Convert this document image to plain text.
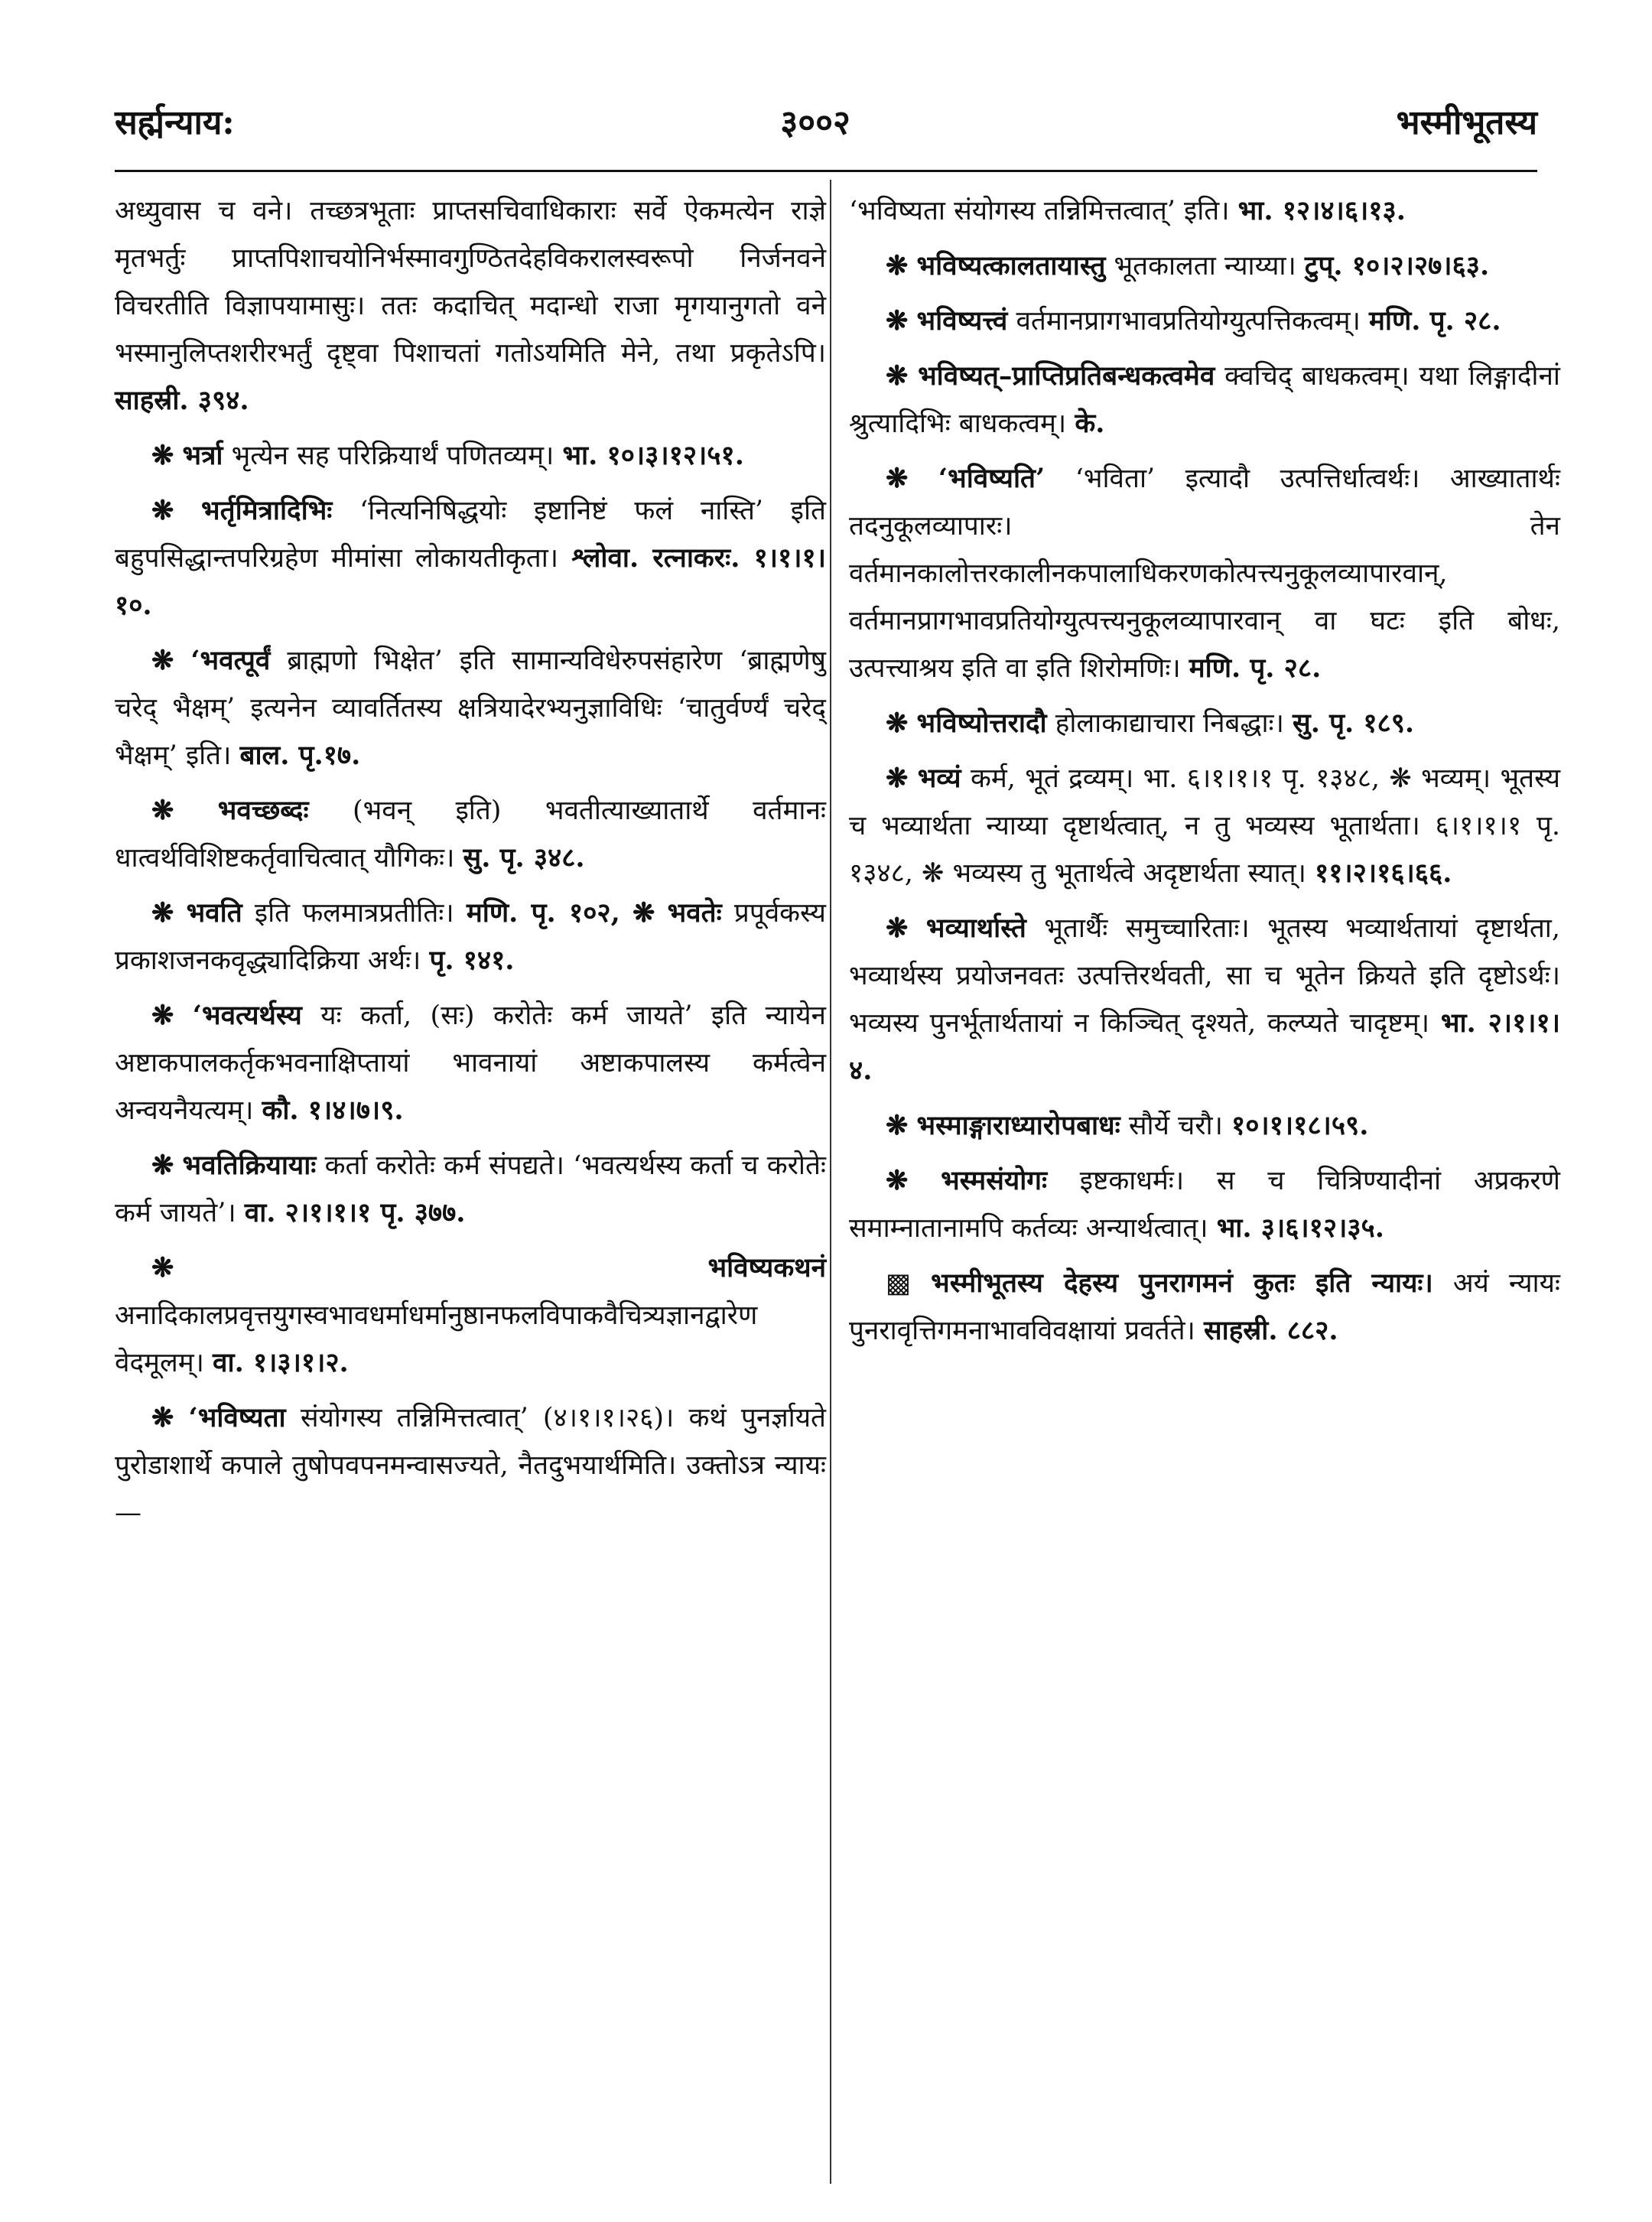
सर्ह्मन्याय:	३००२	भस्मीभूतस्य

अध्युवास च वने। तच्छत्रभूताः प्राप्तसचिवाधिकाराः सर्वे ऐकमत्येन राज्ञे मृतभर्तुः प्राप्तपिशाचयोनिर्भस्मावगुण्ठितदेहविकरालस्वरूपो निर्जनवने विचरतीति विज्ञापयामासुः। ततः कदाचित् मदान्धो राजा मृगयानुगतो वने भस्मानुलिप्तशरीरभर्तुं दृष्ट्वा पिशाचतां गतोऽयमिति मेने, तथा प्रकृतेऽपि। साहस्री. ३९४.

❋ भर्त्रा भृत्येन सह परिक्रियार्थं पणितव्यम्। भा. १०।३।१२।५१.

❋ भर्तृमित्रादिभिः ‘नित्यनिषिद्धयोः इष्टानिष्टं फलं नास्ति’ इति बहुपसिद्धान्तपरिग्रहेण मीमांसा लोकायतीकृता। श्लोवा. रत्नाकरः. १।१।१।१०.

❋ ‘भवत्पूर्वं ब्राह्मणो भिक्षेत’ इति सामान्यविधेरुपसंहारेण ‘ब्राह्मणेषु चरेद् भैक्षम्’ इत्यनेन व्यावर्तितस्य क्षत्रियादेरभ्यनुज्ञाविधिः ‘चातुर्वर्ण्यं चरेद् भैक्षम्’ इति। बाल. पृ.१७.

❋ भवच्छब्दः (भवन् इति) भवतीत्याख्यातार्थे वर्तमानः धात्वर्थविशिष्टकर्तृवाचित्वात् यौगिकः। सु. पृ. ३४८.

❋ भवति इति फलमात्रप्रतीतिः। मणि. पृ. १०२, ❋ भवतेः प्रपूर्वकस्य प्रकाशजनकवृद्ध्यादिक्रिया अर्थः। पृ. १४१.

❋ ‘भवत्यर्थस्य यः कर्ता, (सः) करोतेः कर्म जायते’ इति न्यायेन अष्टाकपालकर्तृकभवनाक्षिप्तायां भावनायां अष्टाकपालस्य कर्मत्वेन अन्वयनैयत्यम्। कौ. १।४।७।९.

❋ भवतिक्रियायाः कर्ता करोतेः कर्म संपद्यते। ‘भवत्यर्थस्य कर्ता च करोतेः कर्म जायते’। वा. २।१।१।१ पृ. ३७७.

❋	भविष्यकथनं अनादिकालप्रवृत्तयुगस्वभावधर्माधर्मानुष्ठानफलविपाकवैचित्र्यज्ञानद्वारेण वेदमूलम्। वा. १।३।१।२.

❋ ‘भविष्यता संयोगस्य तन्निमित्तत्वात्’ (४।१।१।२६)। कथं पुनर्ज्ञायते पुरोडाशार्थे कपाले तुषोपवपनमन्वासज्यते, नैतदुभयार्थमिति। उक्तोऽत्र न्यायः—

‘भविष्यता संयोगस्य तन्निमित्तत्वात्’ इति। भा. १२।४।६।१३.

❋ भविष्यत्कालतायास्तु भूतकालता न्याय्या। टुप्. १०।२।२७।६३.

❋ भविष्यत्त्वं वर्तमानप्रागभावप्रतियोग्युत्पत्तिकत्वम्। मणि. पृ. २८.

❋ भविष्यत्–प्राप्तिप्रतिबन्धकत्वमेव क्वचिद् बाधकत्वम्। यथा लिङ्गादीनां श्रुत्यादिभिः बाधकत्वम्। के.

❋ ‘भविष्यति’ ‘भविता’ इत्यादौ उत्पत्तिर्धात्वर्थः। आख्यातार्थः तदनुकूलव्यापारः। तेन वर्तमानकालोत्तरकालीनकपालाधिकरणकोत्पत्त्यनुकूलव्यापारवान्, वर्तमानप्रागभावप्रतियोग्युत्पत्त्यनुकूलव्यापारवान् वा घटः इति बोधः, उत्पत्त्याश्रय इति वा इति शिरोमणिः। मणि. पृ. २८.

❋ भविष्योत्तरादौ होलाकाद्याचारा निबद्धाः। सु. पृ. १८९.

❋ भव्यं कर्म, भूतं द्रव्यम्। भा. ६।१।१।१ पृ. १३४८, ❋ भव्यम्। भूतस्य च भव्यार्थता न्याय्या दृष्टार्थत्वात्, न तु भव्यस्य भूतार्थता। ६।१।१।१ पृ. १३४८, ❋ भव्यस्य तु भूतार्थत्वे अदृष्टार्थता स्यात्। ११।२।१६।६६.

❋ भव्यार्थास्ते भूतार्थैः समुच्चारिताः। भूतस्य भव्यार्थतायां दृष्टार्थता, भव्यार्थस्य प्रयोजनवतः उत्पत्तिरर्थवती, सा च भूतेन क्रियते इति दृष्टोऽर्थः। भव्यस्य पुनर्भूतार्थतायां न किञ्चित् दृश्यते, कल्प्यते चादृष्टम्। भा. २।१।१।४.

❋ भस्माङ्गाराध्यारोपबाधः सौर्ये चरौ। १०।१।१८।५९.

❋ भस्मसंयोगः इष्टकाधर्मः। स च चित्रिण्यादीनां अप्रकरणे समाम्नातानामपि कर्तव्यः अन्यार्थत्वात्। भा. ३।६।१२।३५.

▩ भस्मीभूतस्य देहस्य पुनरागमनं कुतः इति न्यायः। अयं न्यायः पुनरावृत्तिगमनाभावविवक्षायां प्रवर्तते। साहस्री. ८८२.
